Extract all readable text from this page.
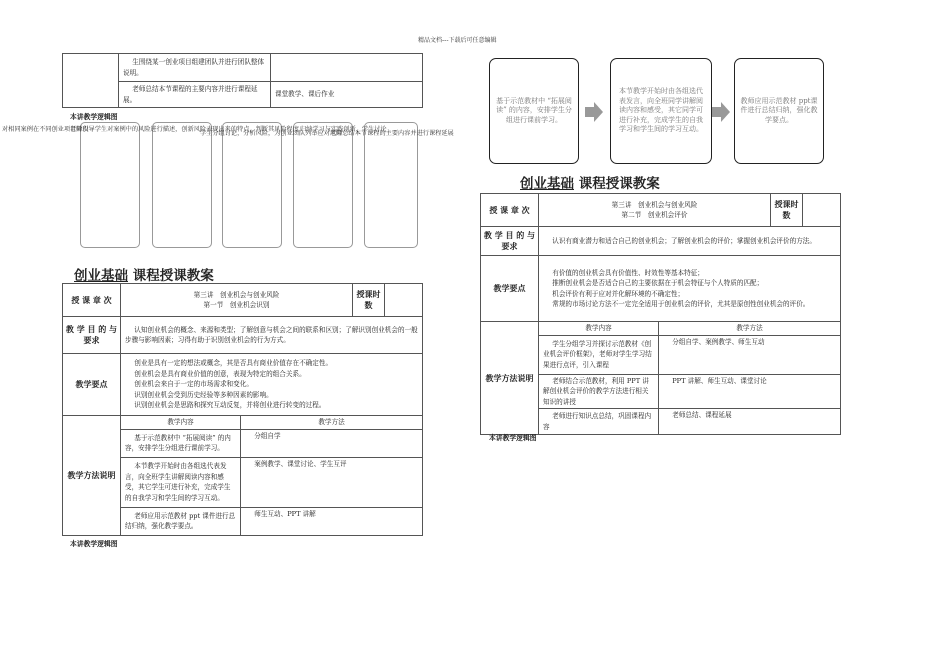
精品文档---下载后可任意编辑
	生围绕某一创业项目组建团队并进行团队整体说明。	
	老师总结本节课程的主要内容并进行课程延展。	课堂教学、课后作业
本讲教学逻辑图
对相同案例在不同创业项目阶段
老师引导学生对案例中的风险进行描述，创新风险表现出来的特点，判断其风险程度
学生分组讨论，分析风险，为创业团队列举应对风险
归纳学习与实践创新、学生讨论
老师总结本节课程的主要内容并进行课程延展
创业基础 课程授课教案
授 课 章 次	第三讲　创业机会与创业风险
第一节　创业机会识别		授课时数	
教 学 目 的 与要求	认知创业机会的概念、来源和类型；了解创意与机会之间的联系和区别；了解识别创业机会的一般步骤与影响因素；习得有助于识别创业机会的行为方式。			
教学要点	创业是具有一定的想法或概念，其是否具有商业价值存在不确定性。
创业机会是具有商业价值的创意，表现为特定的组合关系。
创业机会来自于一定的市场需求和变化。
识别创业机会受到历史经验等多种因素的影响。
识别创业机会是思路和探究互动反复，并将创业进行转变的过程。			

教学方法说明	教学内容	教学方法		
	基于示范教材中 “拓展阅读” 的内容，安排学生分组进行课前学习。	分组自学		
	本节教学开始时由各组选代表发言，向全班学生讲解阅读内容和感受，其它学生可进行补充，完成学生的自我学习和学生间的学习互动。	案例教学、课堂讨论、学生互评		
	老师应用示范教材 ppt 课件进行总结归纳，强化教学要点。	师生互动、PPT 讲解		
本讲教学逻辑图
基于示范教材中 “拓展阅读” 的内容，安排学生分组进行课前学习。
本节教学开始时由各组选代表发言，向全班同学讲解阅读内容和感受，其它同学可进行补充，完成学生的自我学习和学生间的学习互动。
教师应用示范教材 ppt课件进行总结归纳，强化教学要点。
创业基础 课程授课教案
授 课 章 次	第三讲　创业机会与创业风险
第二节　创业机会评价		授课时数	
教 学 目 的 与要求	认识有商业潜力和适合自己的创业机会；了解创业机会的评价；掌握创业机会评价的方法。			
教学要点	有价值的创业机会具有价值性、时效性等基本特征；
推断创业机会是否适合自己的主要依据在于机会特征与个人特质的匹配；
机会评价有利于应对并化解环境的不确定性；
常规的市场讨论方法不一定完全适用于创业机会的评价，尤其是原创性创业机会的评价。			

教学方法说明	教学内容	教学方法		
	学生分组学习并探讨示范教材《创业机会评价框架》，老师对学生学习结果进行点评，引入课程	分组自学、案例教学、师生互动		
	老师结合示范教材，利用 PPT 讲解创业机会评价的教学方法进行相关知识的讲授	PPT 讲解、师生互动、课堂讨论		
	老师进行知识点总结，巩固课程内容	老师总结、课程延展		
本讲教学逻辑图
